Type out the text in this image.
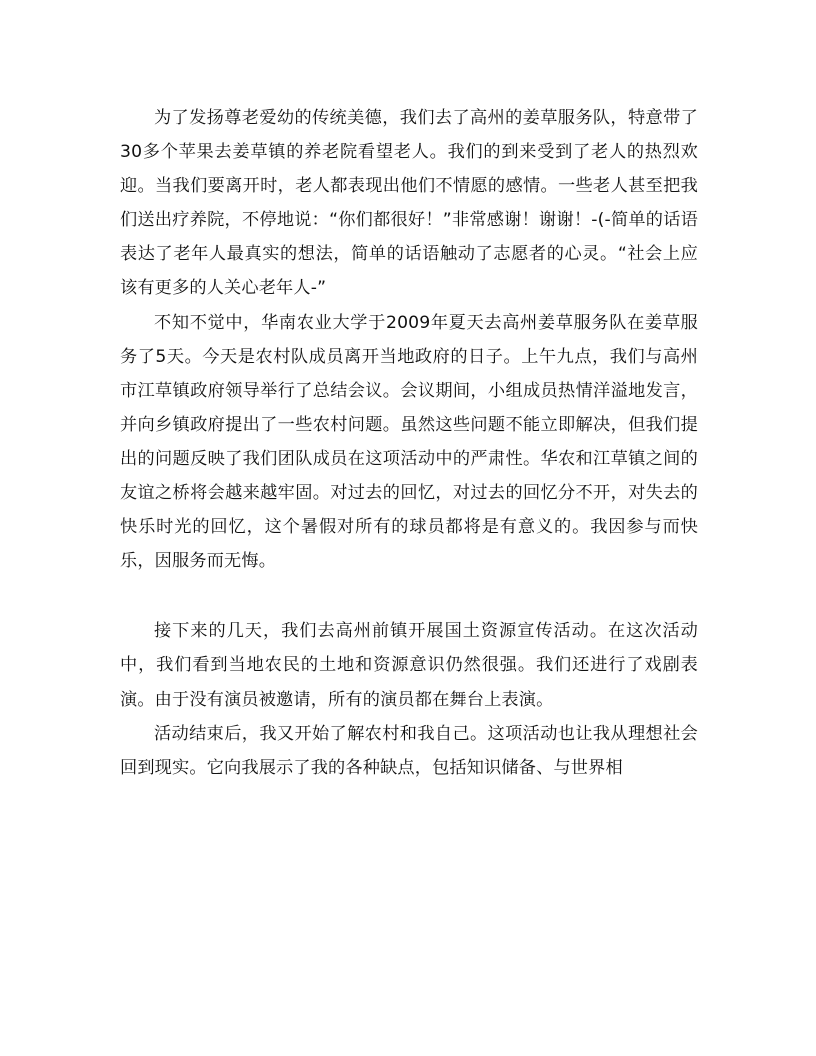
为了发扬尊老爱幼的传统美德，我们去了高州的姜草服务队，特意带了30多个苹果去姜草镇的养老院看望老人。我们的到来受到了老人的热烈欢迎。当我们要离开时，老人都表现出他们不情愿的感情。一些老人甚至把我们送出疗养院，不停地说：“你们都很好！”非常感谢！谢谢！-(-简单的话语表达了老年人最真实的想法，简单的话语触动了志愿者的心灵。“社会上应该有更多的人关心老年人-”

不知不觉中，华南农业大学于2009年夏天去高州姜草服务队在姜草服务了5天。今天是农村队成员离开当地政府的日子。上午九点，我们与高州市江草镇政府领导举行了总结会议。会议期间，小组成员热情洋溢地发言，并向乡镇政府提出了一些农村问题。虽然这些问题不能立即解决，但我们提出的问题反映了我们团队成员在这项活动中的严肃性。华农和江草镇之间的友谊之桥将会越来越牢固。对过去的回忆，对过去的回忆分不开，对失去的快乐时光的回忆，这个暑假对所有的球员都将是有意义的。我因参与而快乐，因服务而无悔。

接下来的几天，我们去高州前镇开展国土资源宣传活动。在这次活动中，我们看到当地农民的土地和资源意识仍然很强。我们还进行了戏剧表演。由于没有演员被邀请，所有的演员都在舞台上表演。

活动结束后，我又开始了解农村和我自己。这项活动也让我从理想社会回到现实。它向我展示了我的各种缺点，包括知识储备、与世界相
